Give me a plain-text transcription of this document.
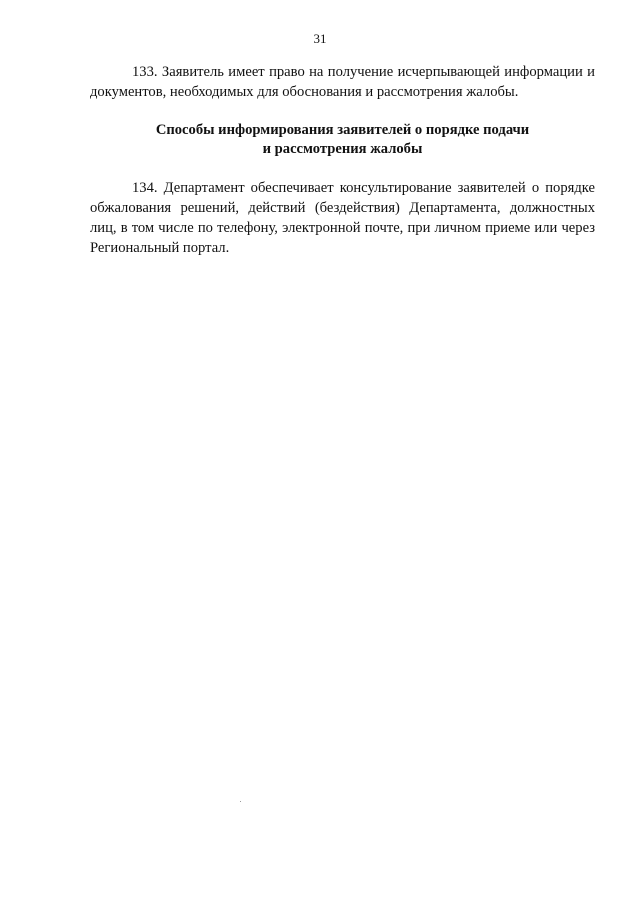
31

133. Заявитель имеет право на получение исчерпывающей информации и документов, необходимых для обоснования и рассмотрения жалобы.

Способы информирования заявителей о порядке подачи
и рассмотрения жалобы

134. Департамент обеспечивает консультирование заявителей о порядке обжалования решений, действий (бездействия) Департамента, должностных лиц, в том числе по телефону, электронной почте, при личном приеме или через Региональный портал.
